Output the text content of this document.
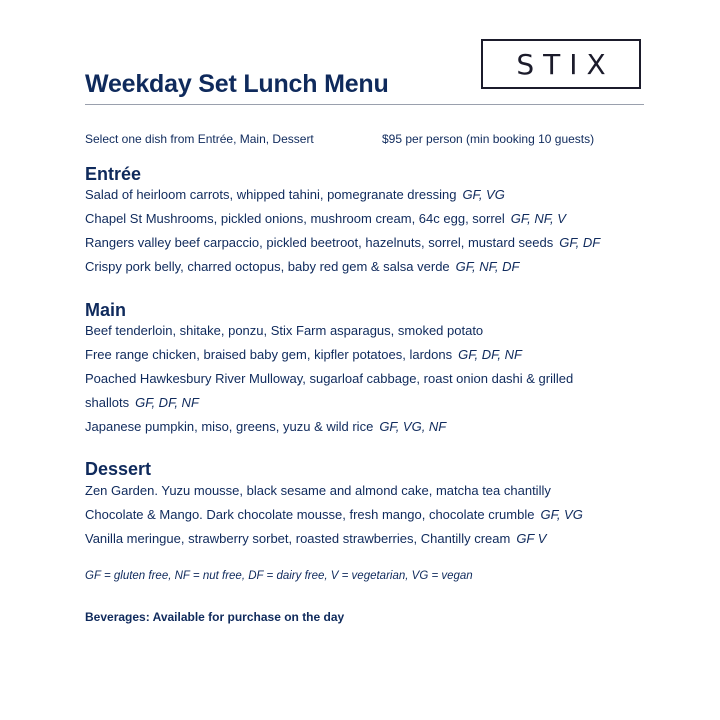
Weekday Set Lunch Menu
STIX
Select one dish from Entrée, Main, Dessert	$95 per person (min booking 10 guests)
Entrée
Salad of heirloom carrots, whipped tahini, pomegranate dressing GF, VG
Chapel St Mushrooms, pickled onions, mushroom cream, 64c egg, sorrel GF, NF, V
Rangers valley beef carpaccio, pickled beetroot, hazelnuts, sorrel, mustard seeds GF, DF
Crispy pork belly, charred octopus, baby red gem & salsa verde GF, NF, DF
Main
Beef tenderloin, shitake, ponzu, Stix Farm asparagus, smoked potato
Free range chicken, braised baby gem, kipfler potatoes, lardons GF, DF, NF
Poached Hawkesbury River Mulloway, sugarloaf cabbage, roast onion dashi & grilled
shallots GF, DF, NF
Japanese pumpkin, miso, greens, yuzu & wild rice GF, VG, NF
Dessert
Zen Garden. Yuzu mousse, black sesame and almond cake, matcha tea chantilly
Chocolate & Mango. Dark chocolate mousse, fresh mango, chocolate crumble GF, VG
Vanilla meringue, strawberry sorbet, roasted strawberries, Chantilly cream GF V
GF = gluten free, NF = nut free, DF = dairy free, V = vegetarian, VG = vegan
Beverages: Available for purchase on the day
